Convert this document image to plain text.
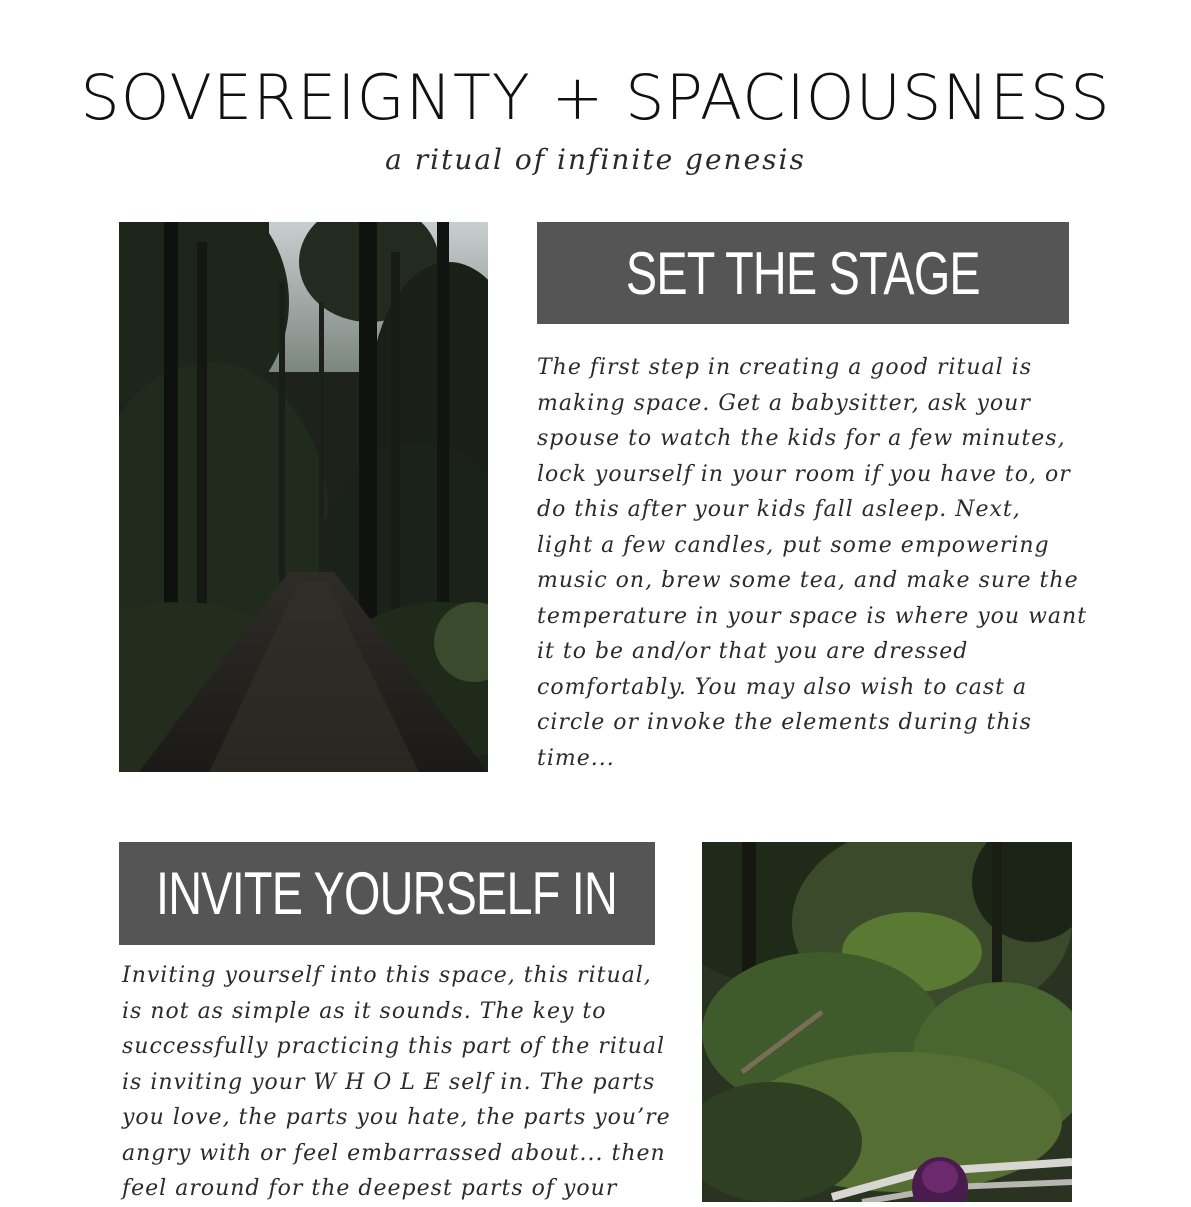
SOVEREIGNTY + SPACIOUSNESS
a ritual of infinite genesis
SET THE STAGE

The first step in creating a good ritual is
making space. Get a babysitter, ask your
spouse to watch the kids for a few minutes,
lock yourself in your room if you have to, or
do this after your kids fall asleep. Next,
light a few candles, put some empowering
music on, brew some tea, and make sure the
temperature in your space is where you want
it to be and/or that you are dressed
comfortably. You may also wish to cast a
circle or invoke the elements during this
time...

INVITE YOURSELF IN

Inviting yourself into this space, this ritual,
is not as simple as it sounds. The key to
successfully practicing this part of the ritual
is inviting your W H O L E self in. The parts
you love, the parts you hate, the parts you’re
angry with or feel embarrassed about... then
feel around for the deepest parts of your
